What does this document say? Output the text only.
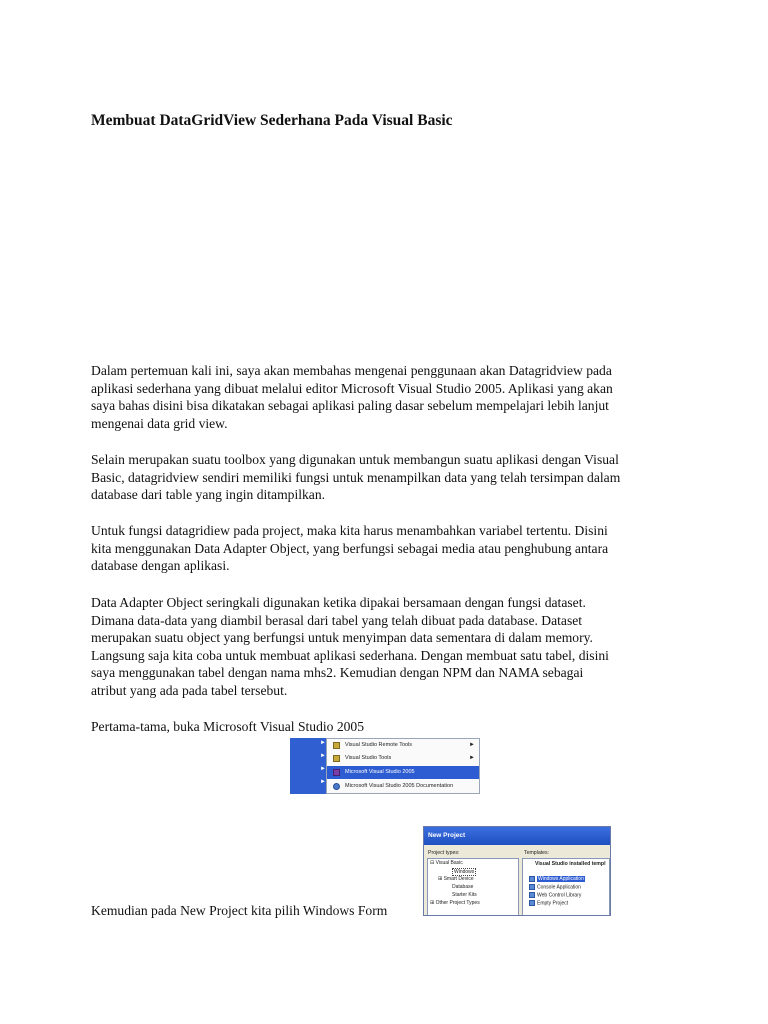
Membuat DataGridView Sederhana Pada Visual Basic
Dalam pertemuan kali ini, saya akan membahas mengenai penggunaan akan Datagridview pada
aplikasi sederhana yang dibuat melalui editor Microsoft Visual Studio 2005. Aplikasi yang akan
saya bahas disini bisa dikatakan sebagai aplikasi paling dasar sebelum mempelajari lebih lanjut
mengenai data grid view.
Selain merupakan suatu toolbox yang digunakan untuk membangun suatu aplikasi dengan Visual
Basic, datagridview sendiri memiliki fungsi untuk menampilkan data yang telah tersimpan dalam
database dari table yang ingin ditampilkan.
Untuk fungsi datagridiew pada project, maka kita harus menambahkan variabel tertentu. Disini
kita menggunakan Data Adapter Object, yang berfungsi sebagai media atau penghubung antara
database dengan aplikasi.
Data Adapter Object seringkali digunakan ketika dipakai bersamaan dengan fungsi dataset.
Dimana data-data yang diambil berasal dari tabel yang telah dibuat pada database. Dataset
merupakan suatu object yang berfungsi untuk menyimpan data sementara di dalam memory.
Langsung saja kita coba untuk membuat aplikasi sederhana. Dengan membuat satu tabel, disini
saya menggunakan tabel dengan nama mhs2. Kemudian dengan NPM dan NAMA sebagai
atribut yang ada pada tabel tersebut.
Pertama-tama, buka Microsoft Visual Studio 2005
►
►
►
►
Visual Studio Remote Tools	►
Visual Studio Tools	►
Microsoft Visual Studio 2005
Microsoft Visual Studio 2005 Documentation
New Project
Project types:	Templates:
⊟ Visual Basic
Windows
⊞ Smart Device
Database
Starter Kits
⊞ Other Project Types
Visual Studio installed templ
Windows Application
Console Application
Web Control Library
Empty Project
Kemudian pada New Project kita pilih Windows Form
